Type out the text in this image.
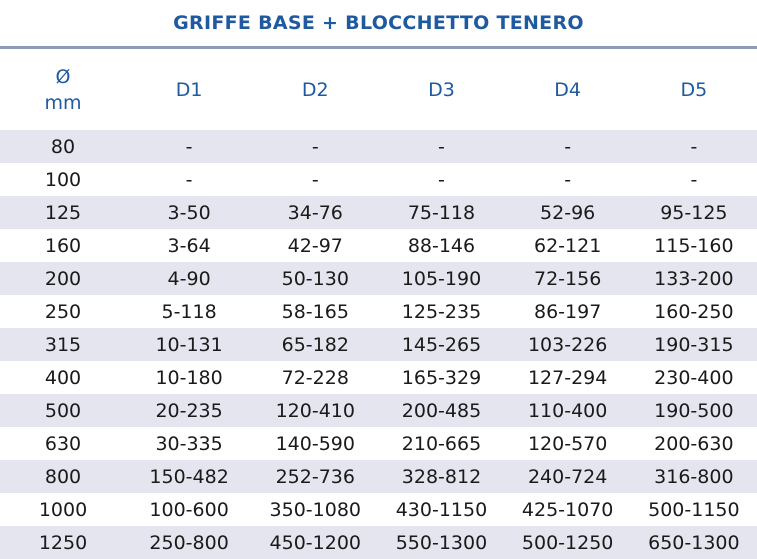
GRIFFE BASE + BLOCCHETTO TENERO
Ø
mm	D1	D2	D3	D4	D5
80	-	-	-	-	-
100	-	-	-	-	-
125	3-50	34-76	75-118	52-96	95-125
160	3-64	42-97	88-146	62-121	115-160
200	4-90	50-130	105-190	72-156	133-200
250	5-118	58-165	125-235	86-197	160-250
315	10-131	65-182	145-265	103-226	190-315
400	10-180	72-228	165-329	127-294	230-400
500	20-235	120-410	200-485	110-400	190-500
630	30-335	140-590	210-665	120-570	200-630
800	150-482	252-736	328-812	240-724	316-800
1000	100-600	350-1080	430-1150	425-1070	500-1150
1250	250-800	450-1200	550-1300	500-1250	650-1300
